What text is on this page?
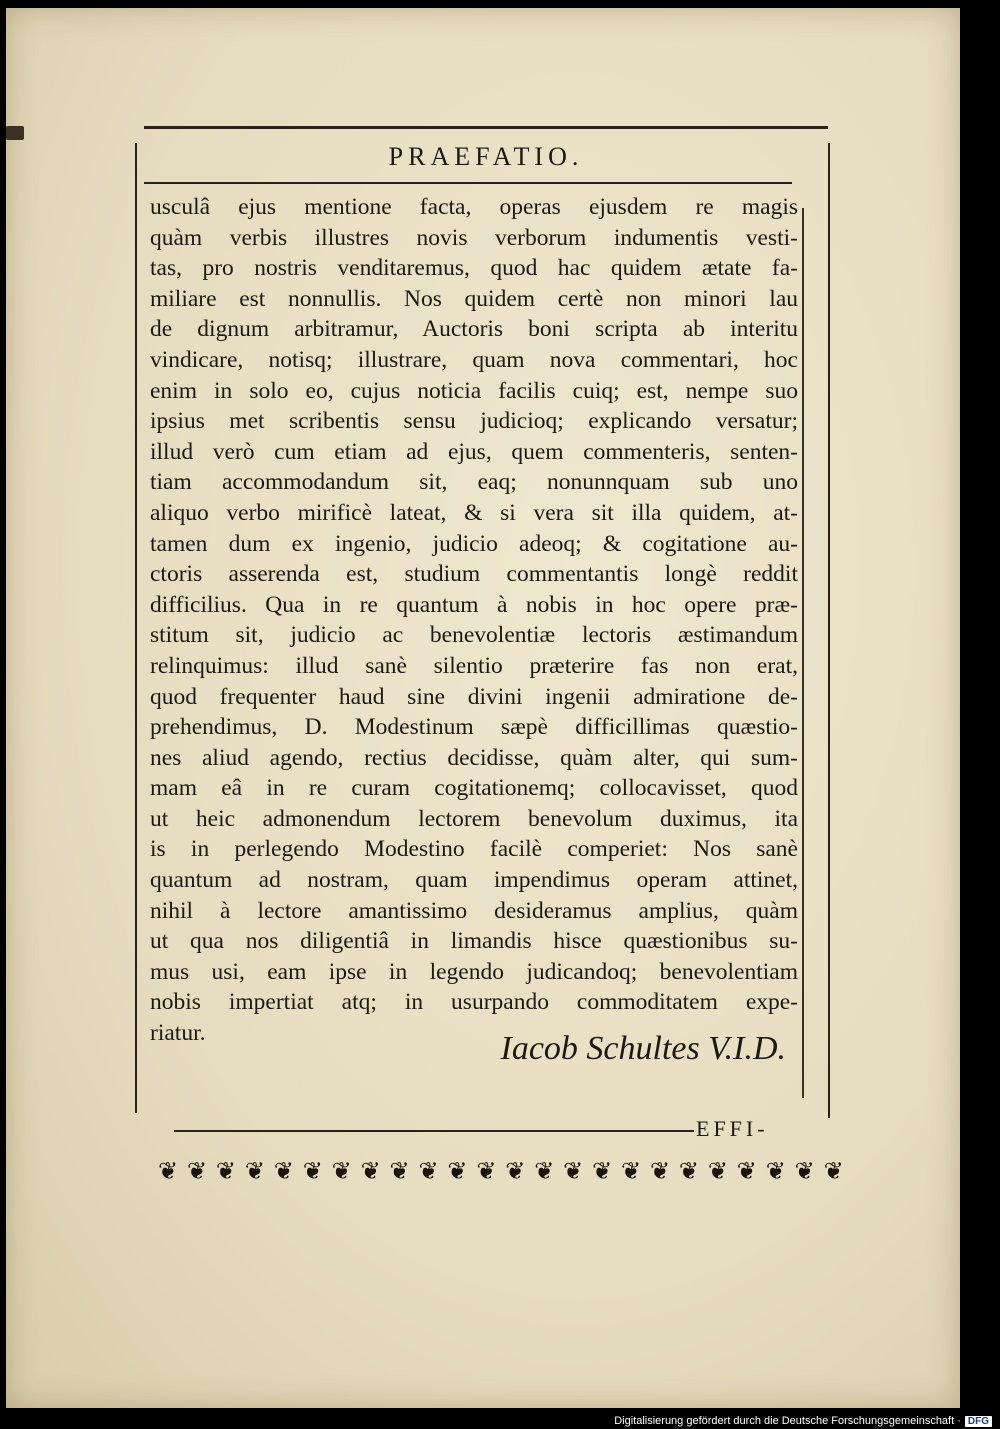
PRAEFATIO.
usculâ ejus mentione facta, operas ejusdem re magis
quàm verbis illustres novis verborum indumentis vesti-
tas, pro nostris venditaremus, quod hac quidem ætate fa-
miliare est nonnullis. Nos quidem certè non minori lau
de dignum arbitramur, Auctoris boni scripta ab interitu
vindicare, notisq; illustrare, quam nova commentari, hoc
enim in solo eo, cujus noticia facilis cuiq; est, nempe suo
ipsius met scribentis sensu judicioq; explicando versatur;
illud verò cum etiam ad ejus, quem commenteris, senten-
tiam accommodandum sit, eaq; nonunnquam sub uno
aliquo verbo mirificè lateat, & si vera sit illa quidem, at-
tamen dum ex ingenio, judicio adeoq; & cogitatione au-
ctoris asserenda est, studium commentantis longè reddit
difficilius. Qua in re quantum à nobis in hoc opere præ-
stitum sit, judicio ac benevolentiæ lectoris æstimandum
relinquimus: illud sanè silentio præterire fas non erat,
quod frequenter haud sine divini ingenii admiratione de-
prehendimus, D. Modestinum sæpè difficillimas quæstio-
nes aliud agendo, rectius decidisse, quàm alter, qui sum-
mam eâ in re curam cogitationemq; collocavisset, quod
ut heic admonendum lectorem benevolum duximus, ita
is in perlegendo Modestino facilè comperiet: Nos sanè
quantum ad nostram, quam impendimus operam attinet,
nihil à lectore amantissimo desideramus amplius, quàm
ut qua nos diligentiâ in limandis hisce quæstionibus su-
mus usi, eam ipse in legendo judicandoq; benevolentiam
nobis impertiat atq; in usurpando commoditatem expe-
riatur.	Iacob Schultes V.I.D.
EFFI-
❦ ❦ ❦ ❦ ❦ ❦ ❦ ❦ ❦ ❦ ❦ ❦ ❦ ❦ ❦ ❦ ❦ ❦ ❦ ❦ ❦ ❦ ❦ ❦
Digitalisierung gefördert durch die Deutsche Forschungsgemeinschaft · DFG
